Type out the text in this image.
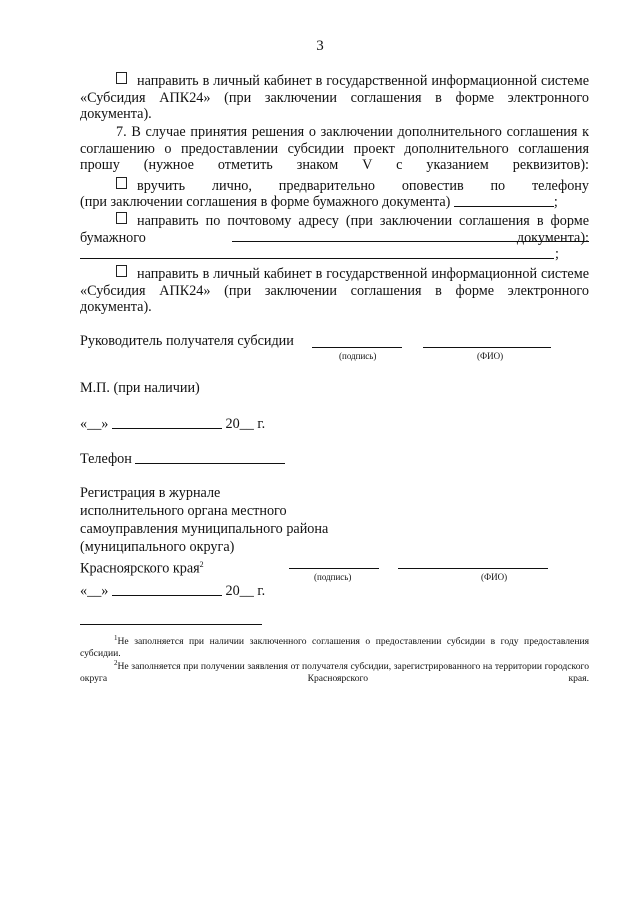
3
направить в личный кабинет в государственной информационной системе «Субсидия АПК24» (при заключении соглашения в форме электронного документа).
7. В случае принятия решения о заключении дополнительного соглашения к соглашению о предоставлении субсидии проект дополнительного соглашения прошу (нужное отметить знаком V с указанием реквизитов):
вручить лично, предварительно оповестив по телефону
(при заключении соглашения в форме бумажного документа)	;
направить по почтовому адресу (при заключении соглашения в форме бумажного документа):
;
направить в личный кабинет в государственной информационной системе «Субсидия АПК24» (при заключении соглашения в форме электронного документа).
Руководитель получателя субсидии
(подпись)	(ФИО)
М.П. (при наличии)
«__»	20__ г.
Телефон
Регистрация в журнале
исполнительного органа местного
самоуправления муниципального района
(муниципального округа)
Красноярского края$^2$
(подпись)	(ФИО)
«__»	20__ г.
$^1$Не заполняется при наличии заключенного соглашения о предоставлении субсидии в году предоставления субсидии.
$^2$Не заполняется при получении заявления от получателя субсидии, зарегистрированного на территории городского округа Красноярского края.
